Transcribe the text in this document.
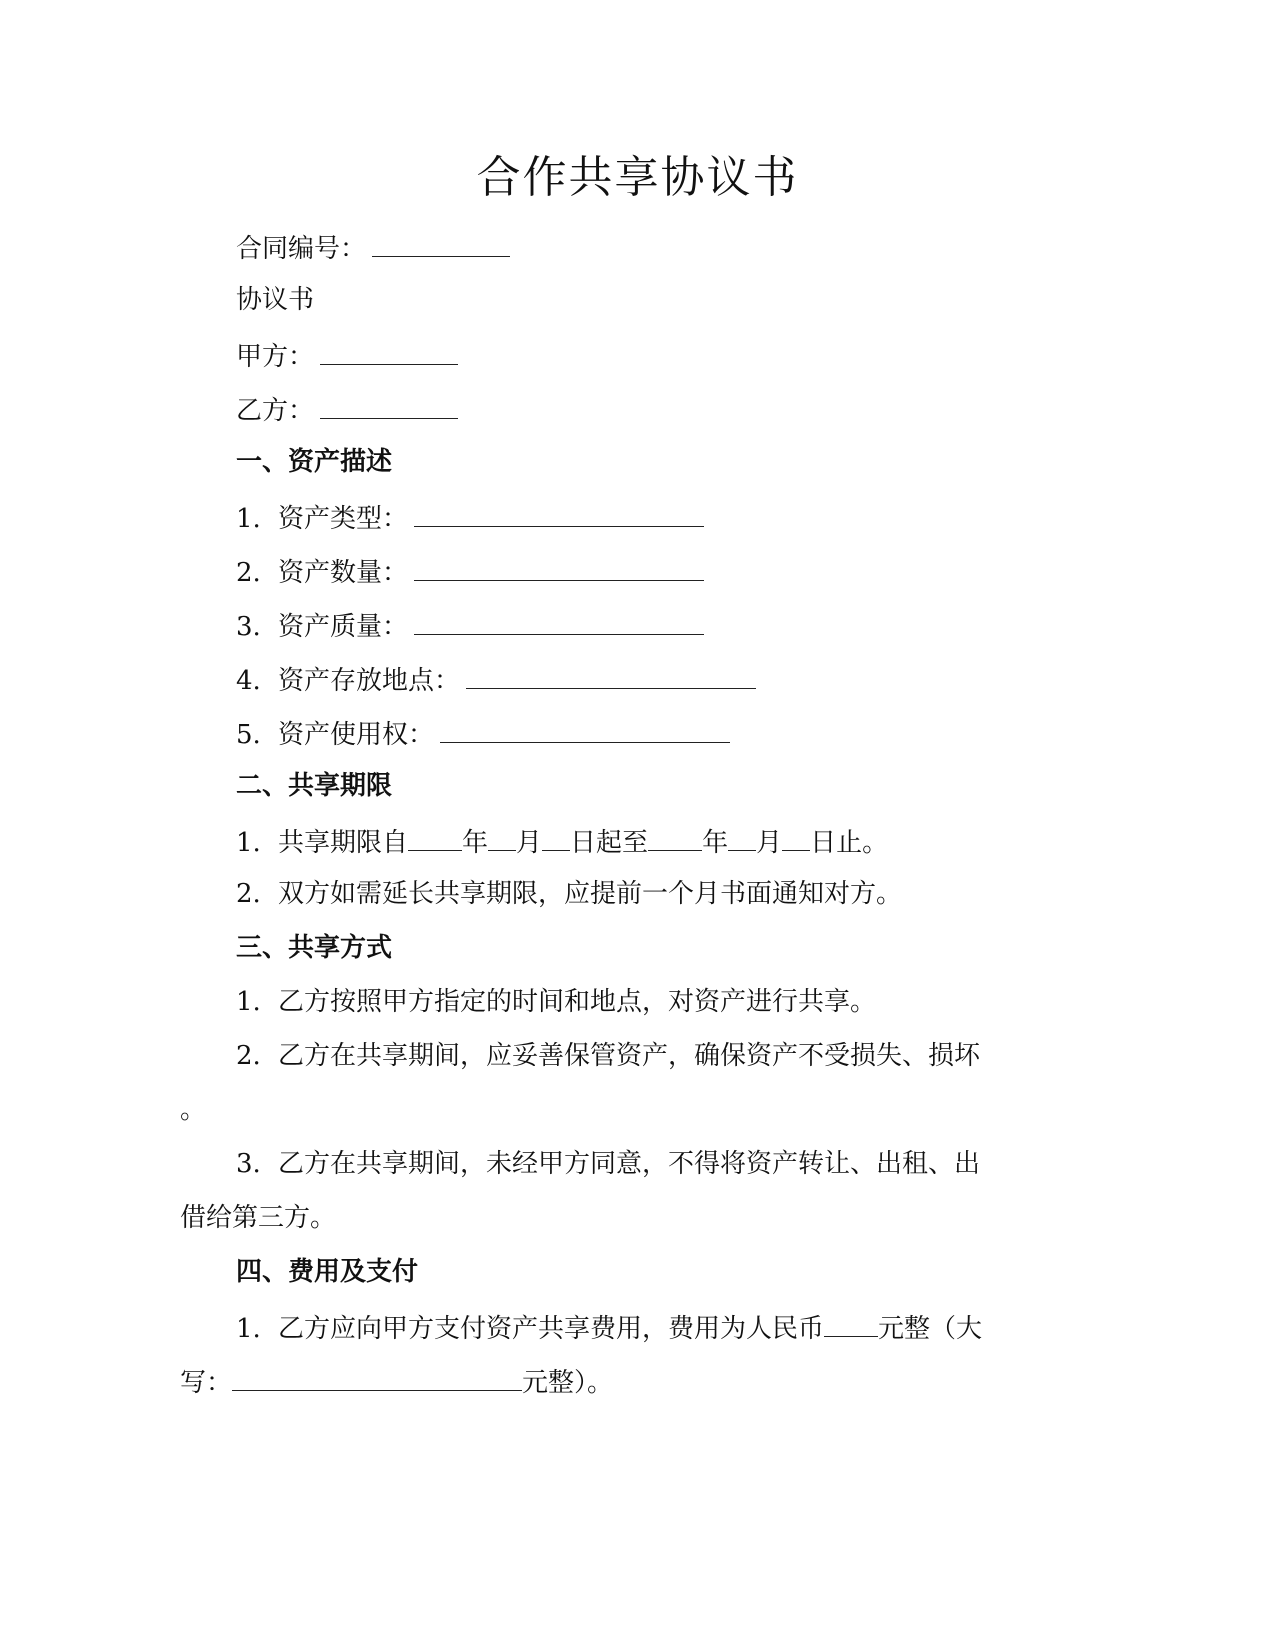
合作共享协议书
合同编号：
协议书
甲方：
乙方：
一、资产描述
1. 资产类型：
2. 资产数量：
3. 资产质量：
4. 资产存放地点：
5. 资产使用权：
二、共享期限
1. 共享期限自 年 月 日起至 年 月 日止。
2. 双方如需延长共享期限，应提前一个月书面通知对方。
三、共享方式
1. 乙方按照甲方指定的时间和地点，对资产进行共享。
2. 乙方在共享期间，应妥善保管资产，确保资产不受损失、损坏
。
3. 乙方在共享期间，未经甲方同意，不得将资产转让、出租、出
借给第三方。
四、费用及支付
1. 乙方应向甲方支付资产共享费用，费用为人民币 元整（大
写：	元整）。
